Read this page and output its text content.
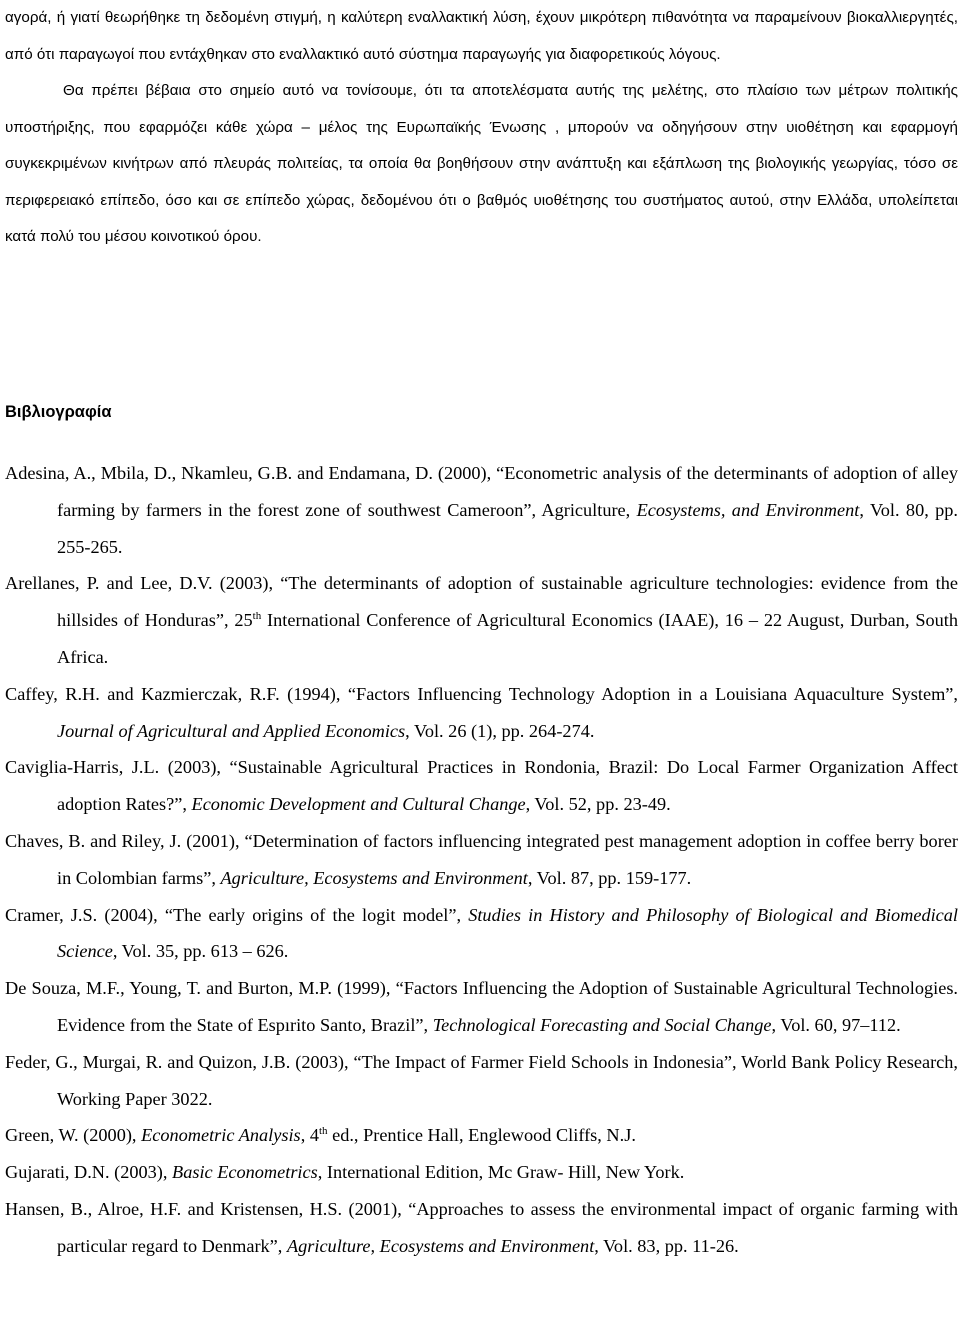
αγορά, ή γιατί θεωρήθηκε τη δεδομένη στιγμή, η καλύτερη εναλλακτική λύση, έχουν μικρότερη πιθανότητα να παραμείνουν βιοκαλλιεργητές, από ότι παραγωγοί που εντάχθηκαν στο εναλλακτικό αυτό σύστημα παραγωγής για διαφορετικούς λόγους.

Θα πρέπει βέβαια στο σημείο αυτό να τονίσουμε, ότι τα αποτελέσματα αυτής της μελέτης, στο πλαίσιο των μέτρων πολιτικής υποστήριξης, που εφαρμόζει κάθε χώρα – μέλος της Ευρωπαϊκής Ένωσης , μπορούν να οδηγήσουν στην υιοθέτηση και εφαρμογή συγκεκριμένων κινήτρων από πλευράς πολιτείας, τα οποία θα βοηθήσουν στην ανάπτυξη και εξάπλωση της βιολογικής γεωργίας, τόσο σε περιφερειακό επίπεδο, όσο και σε επίπεδο χώρας, δεδομένου ότι ο βαθμός υιοθέτησης του συστήματος αυτού, στην Ελλάδα, υπολείπεται κατά πολύ του μέσου κοινοτικού όρου.

Βιβλιογραφία

Adesina, A., Mbila, D., Nkamleu, G.B. and Endamana, D. (2000), “Econometric analysis of the determinants of adoption of alley farming by farmers in the forest zone of southwest Cameroon”, Agriculture, Ecosystems, and Environment, Vol. 80, pp. 255-265.

Arellanes, P. and Lee, D.V. (2003), “The determinants of adoption of sustainable agriculture technologies: evidence from the hillsides of Honduras”, 25th International Conference of Agricultural Economics (IAAE), 16 – 22 August, Durban, South Africa.

Caffey, R.H. and Kazmierczak, R.F. (1994), “Factors Influencing Technology Adoption in a Louisiana Aquaculture System”, Journal of Agricultural and Applied Economics, Vol. 26 (1), pp. 264-274.

Caviglia-Harris, J.L. (2003), “Sustainable Agricultural Practices in Rondonia, Brazil: Do Local Farmer Organization Affect adoption Rates?”, Economic Development and Cultural Change, Vol. 52, pp. 23-49.

Chaves, B. and Riley, J. (2001), “Determination of factors influencing integrated pest management adoption in coffee berry borer in Colombian farms”, Agriculture, Ecosystems and Environment, Vol. 87, pp. 159-177.

Cramer, J.S. (2004), “The early origins of the logit model”, Studies in History and Philosophy of Biological and Biomedical Science, Vol. 35, pp. 613 – 626.

De Souza, M.F., Young, T. and Burton, M.P. (1999), “Factors Influencing the Adoption of Sustainable Agricultural Technologies. Evidence from the State of Espırito Santo, Brazil”, Technological Forecasting and Social Change, Vol. 60, 97–112.

Feder, G., Murgai, R. and Quizon, J.B. (2003), “The Impact of Farmer Field Schools in Indonesia”, World Bank Policy Research, Working Paper 3022.

Green, W. (2000), Econometric Analysis, 4th ed., Prentice Hall, Englewood Cliffs, N.J.

Gujarati, D.N. (2003), Basic Econometrics, International Edition, Mc Graw- Hill, New York.

Hansen, B., Alroe, H.F. and Kristensen, H.S. (2001), “Approaches to assess the environmental impact of organic farming with particular regard to Denmark”, Agriculture, Ecosystems and Environment, Vol. 83, pp. 11-26.
